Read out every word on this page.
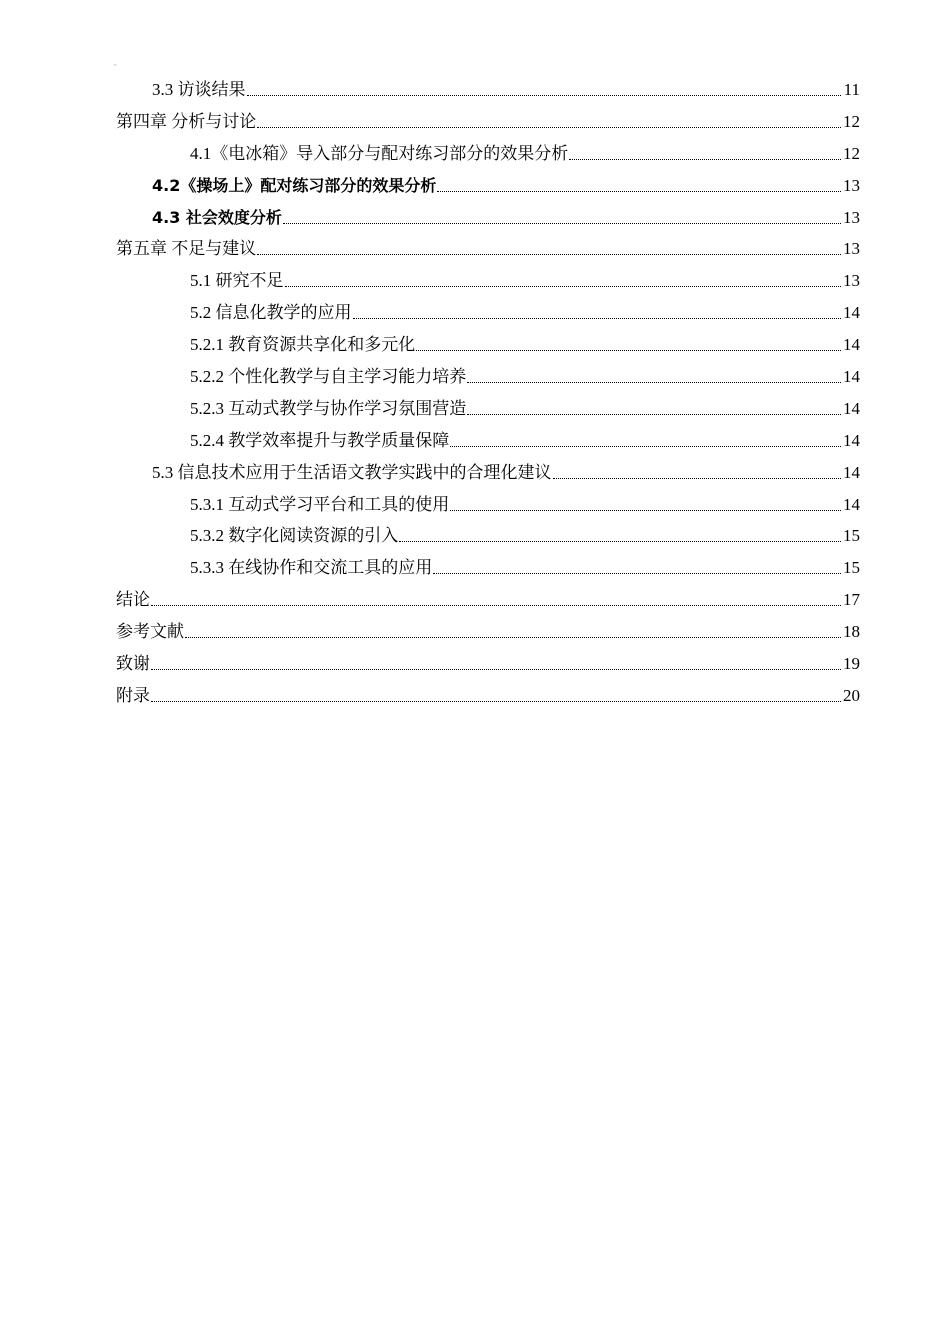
“
3.3 访谈结果	11
第四章 分析与讨论	12
4.1《电冰箱》导入部分与配对练习部分的效果分析	12
4.2《操场上》配对练习部分的效果分析	13
4.3 社会效度分析	13
第五章 不足与建议	13
5.1 研究不足	13
5.2 信息化教学的应用	14
5.2.1 教育资源共享化和多元化	14
5.2.2 个性化教学与自主学习能力培养	14
5.2.3 互动式教学与协作学习氛围营造	14
5.2.4 教学效率提升与教学质量保障	14
5.3 信息技术应用于生活语文教学实践中的合理化建议	14
5.3.1 互动式学习平台和工具的使用	14
5.3.2 数字化阅读资源的引入	15
5.3.3 在线协作和交流工具的应用	15
结论	17
参考文献	18
致谢	19
附录	20
